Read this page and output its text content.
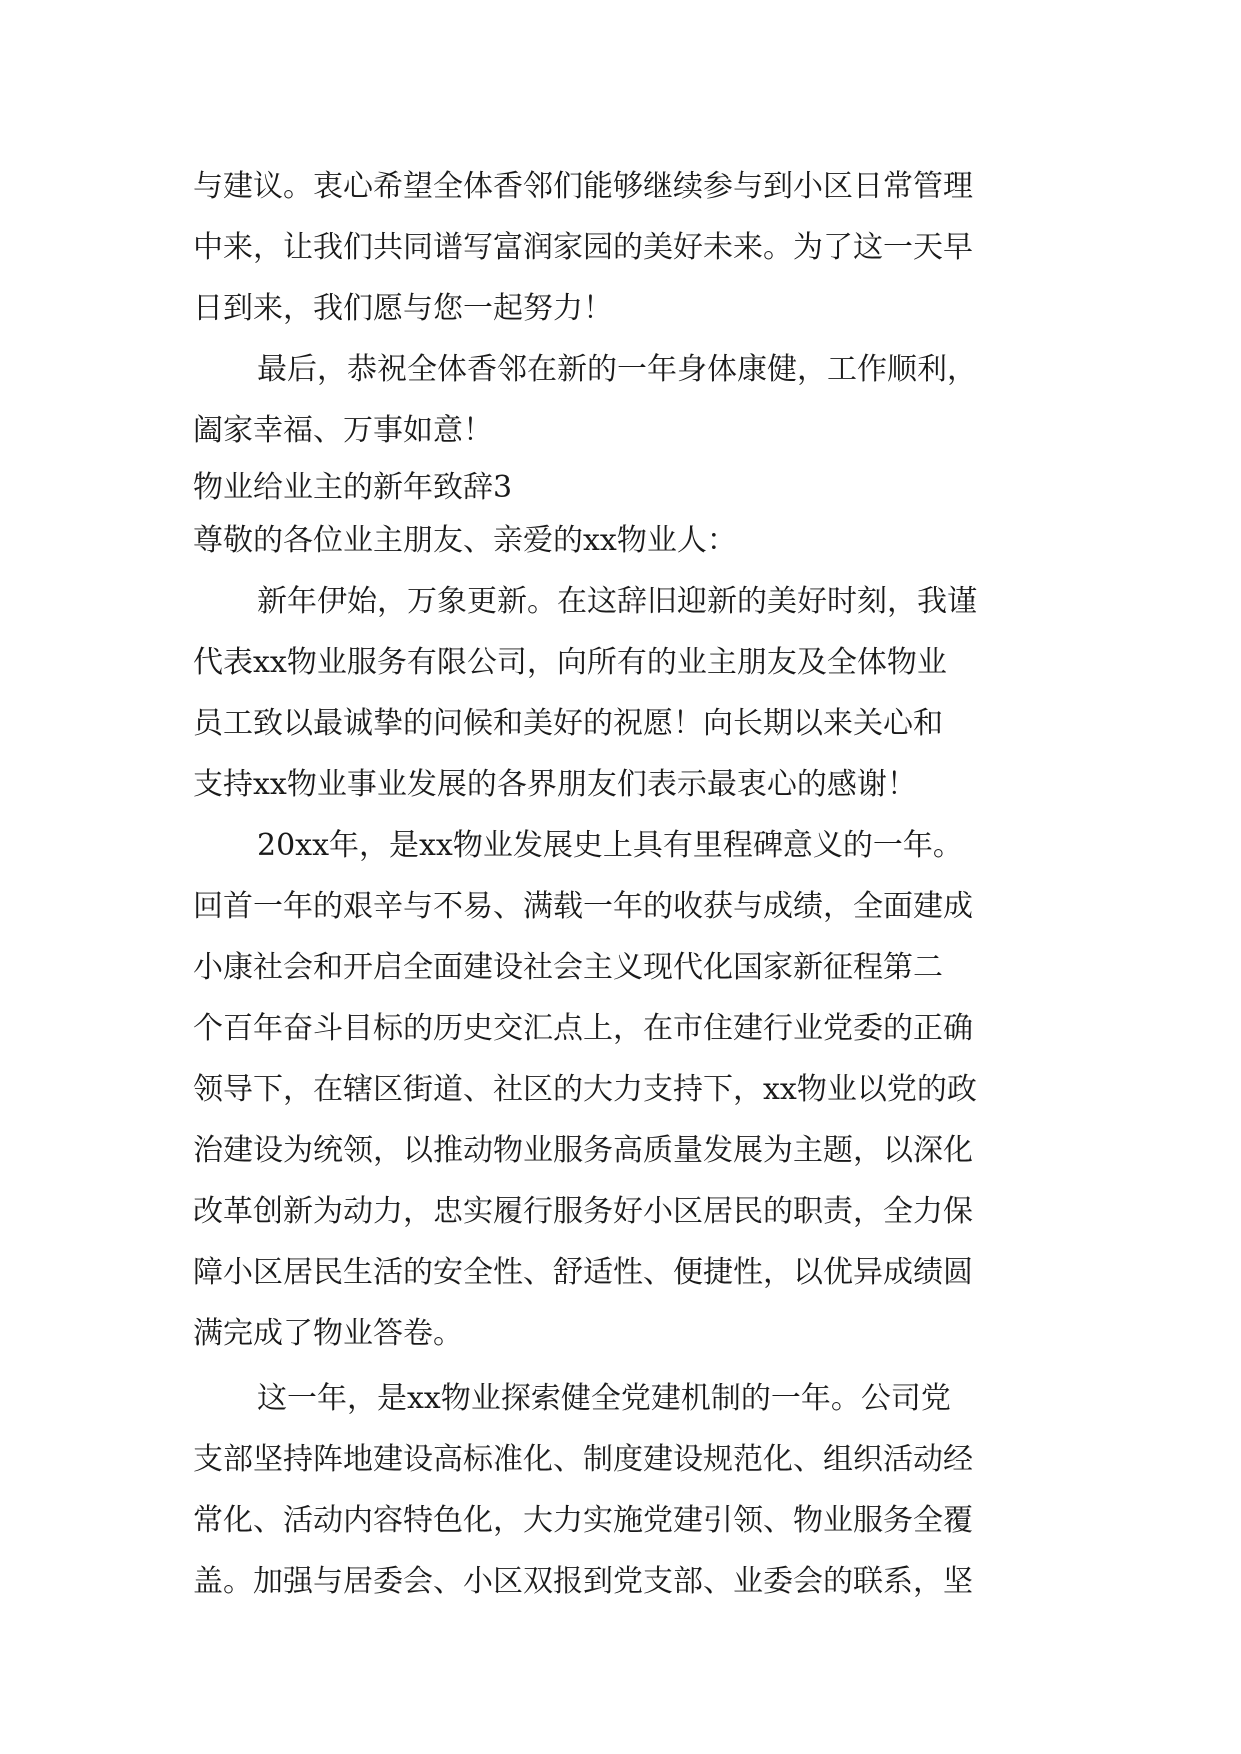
与建议。衷心希望全体香邻们能够继续参与到小区日常管理
中来，让我们共同谱写富润家园的美好未来。为了这一天早
日到来，我们愿与您一起努力！
最后，恭祝全体香邻在新的一年身体康健，工作顺利，
阖家幸福、万事如意！
物业给业主的新年致辞3
尊敬的各位业主朋友、亲爱的xx物业人：
新年伊始，万象更新。在这辞旧迎新的美好时刻，我谨
代表xx物业服务有限公司，向所有的业主朋友及全体物业
员工致以最诚挚的问候和美好的祝愿！向长期以来关心和
支持xx物业事业发展的各界朋友们表示最衷心的感谢！
20xx年，是xx物业发展史上具有里程碑意义的一年。
回首一年的艰辛与不易、满载一年的收获与成绩，全面建成
小康社会和开启全面建设社会主义现代化国家新征程第二
个百年奋斗目标的历史交汇点上，在市住建行业党委的正确
领导下，在辖区街道、社区的大力支持下，xx物业以党的政
治建设为统领，以推动物业服务高质量发展为主题，以深化
改革创新为动力，忠实履行服务好小区居民的职责，全力保
障小区居民生活的安全性、舒适性、便捷性，以优异成绩圆
满完成了物业答卷。
这一年，是xx物业探索健全党建机制的一年。公司党
支部坚持阵地建设高标准化、制度建设规范化、组织活动经
常化、活动内容特色化，大力实施党建引领、物业服务全覆
盖。加强与居委会、小区双报到党支部、业委会的联系，坚
